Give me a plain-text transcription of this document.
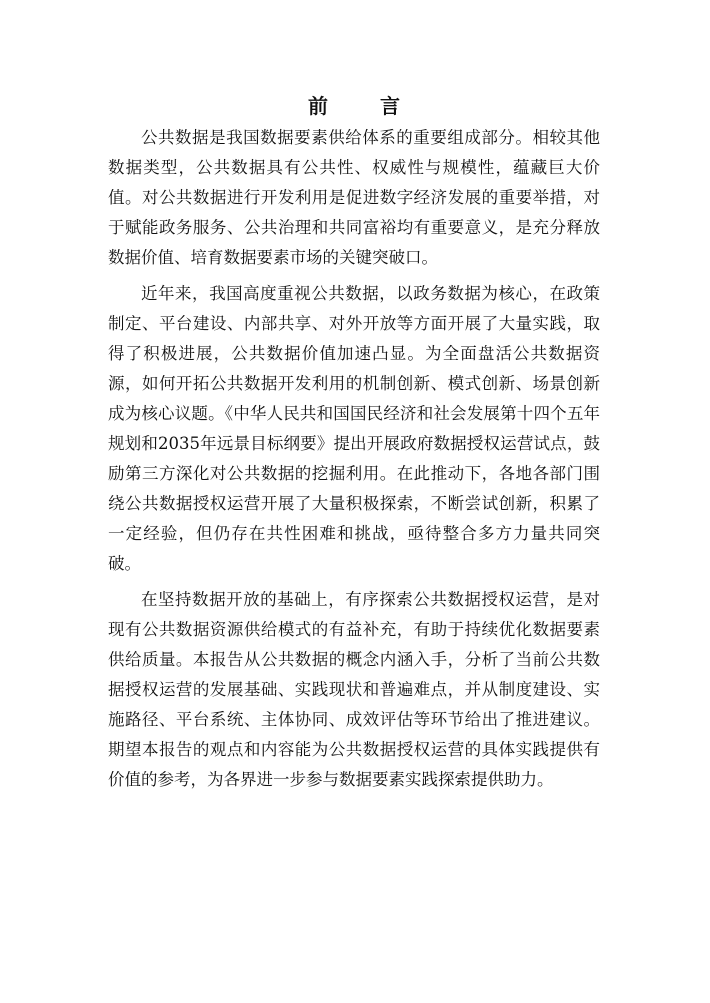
前　言

公共数据是我国数据要素供给体系的重要组成部分。相较其他数据类型，公共数据具有公共性、权威性与规模性，蕴藏巨大价值。对公共数据进行开发利用是促进数字经济发展的重要举措，对于赋能政务服务、公共治理和共同富裕均有重要意义，是充分释放数据价值、培育数据要素市场的关键突破口。

近年来，我国高度重视公共数据，以政务数据为核心，在政策制定、平台建设、内部共享、对外开放等方面开展了大量实践，取得了积极进展，公共数据价值加速凸显。为全面盘活公共数据资源，如何开拓公共数据开发利用的机制创新、模式创新、场景创新成为核心议题。《中华人民共和国国民经济和社会发展第十四个五年规划和2035年远景目标纲要》提出开展政府数据授权运营试点，鼓励第三方深化对公共数据的挖掘利用。在此推动下，各地各部门围绕公共数据授权运营开展了大量积极探索，不断尝试创新，积累了一定经验，但仍存在共性困难和挑战，亟待整合多方力量共同突破。

在坚持数据开放的基础上，有序探索公共数据授权运营，是对现有公共数据资源供给模式的有益补充，有助于持续优化数据要素供给质量。本报告从公共数据的概念内涵入手，分析了当前公共数据授权运营的发展基础、实践现状和普遍难点，并从制度建设、实施路径、平台系统、主体协同、成效评估等环节给出了推进建议。期望本报告的观点和内容能为公共数据授权运营的具体实践提供有价值的参考，为各界进一步参与数据要素实践探索提供助力。
